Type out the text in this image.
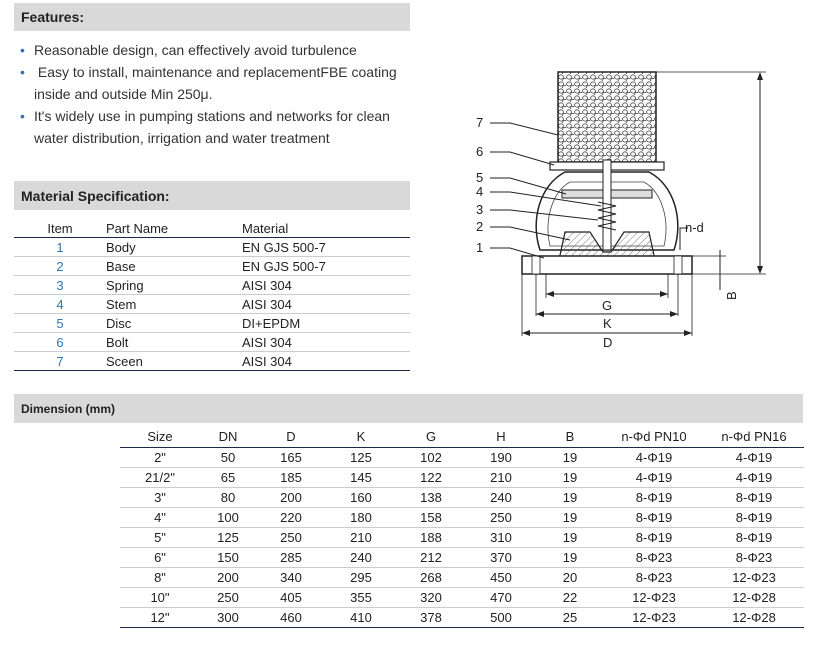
Features:
• Reasonable design, can effectively avoid turbulence
• Easy to install, maintenance and replacementFBE coating inside and outside Min 250μ.
• It's widely use in pumping stations and networks for clean water distribution, irrigation and water treatment
Material Specification:
Item	Part Name	Material
1	Body	EN GJS 500-7
2	Base	EN GJS 500-7
3	Spring	AISI 304
4	Stem	AISI 304
5	Disc	DI+EPDM
6	Bolt	AISI 304
7	Sceen	AISI 304
7
6
5
4
3
2
1
n-d
B
G
K
D
Dimension (mm)
Size	DN	D	K	G	H	B	n-Φd PN10	n-Φd PN16
2"	50	165	125	102	190	19	4-Φ19	4-Φ19
21/2"	65	185	145	122	210	19	4-Φ19	4-Φ19
3"	80	200	160	138	240	19	8-Φ19	8-Φ19
4"	100	220	180	158	250	19	8-Φ19	8-Φ19
5"	125	250	210	188	310	19	8-Φ19	8-Φ19
6"	150	285	240	212	370	19	8-Φ23	8-Φ23
8"	200	340	295	268	450	20	8-Φ23	12-Φ23
10"	250	405	355	320	470	22	12-Φ23	12-Φ28
12"	300	460	410	378	500	25	12-Φ23	12-Φ28
